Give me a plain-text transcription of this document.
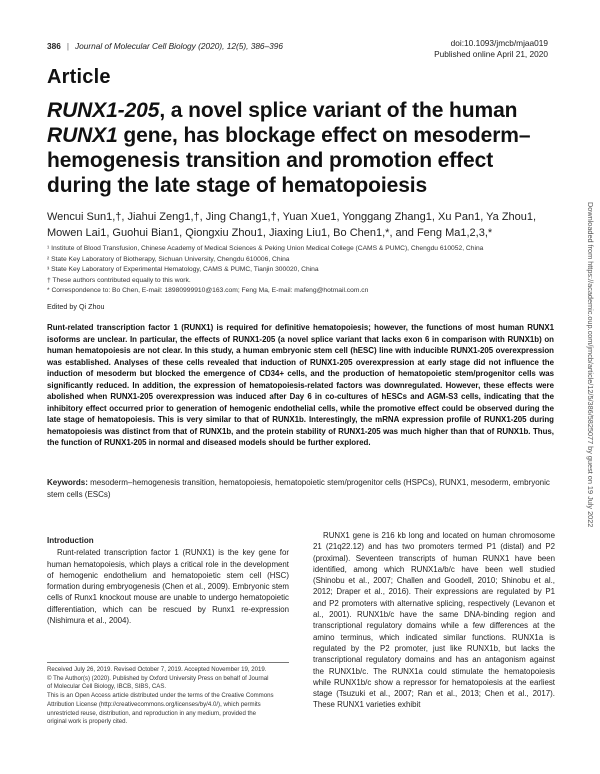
386 | Journal of Molecular Cell Biology (2020), 12(5), 386–396	doi:10.1093/jmcb/mjaa019
Published online April 21, 2020
Article
RUNX1-205, a novel splice variant of the human RUNX1 gene, has blockage effect on mesoderm–hemogenesis transition and promotion effect during the late stage of hematopoiesis
Wencui Sun1,†, Jiahui Zeng1,†, Jing Chang1,†, Yuan Xue1, Yonggang Zhang1, Xu Pan1, Ya Zhou1, Mowen Lai1, Guohui Bian1, Qiongxiu Zhou1, Jiaxing Liu1, Bo Chen1,*, and Feng Ma1,2,3,*
¹ Institute of Blood Transfusion, Chinese Academy of Medical Sciences & Peking Union Medical College (CAMS & PUMC), Chengdu 610052, China
² State Key Laboratory of Biotherapy, Sichuan University, Chengdu 610006, China
³ State Key Laboratory of Experimental Hematology, CAMS & PUMC, Tianjin 300020, China
† These authors contributed equally to this work.
* Correspondence to: Bo Chen, E-mail: 18980999910@163.com; Feng Ma, E-mail: mafeng@hotmail.com.cn
Edited by Qi Zhou
Runt-related transcription factor 1 (RUNX1) is required for definitive hematopoiesis; however, the functions of most human RUNX1 isoforms are unclear. In particular, the effects of RUNX1-205 (a novel splice variant that lacks exon 6 in comparison with RUNX1b) on human hematopoiesis are not clear. In this study, a human embryonic stem cell (hESC) line with inducible RUNX1-205 overexpression was established. Analyses of these cells revealed that induction of RUNX1-205 overexpression at early stage did not influence the induction of mesoderm but blocked the emergence of CD34+ cells, and the production of hematopoietic stem/progenitor cells was significantly reduced. In addition, the expression of hematopoiesis-related factors was downregulated. However, these effects were abolished when RUNX1-205 overexpression was induced after Day 6 in co-cultures of hESCs and AGM-S3 cells, indicating that the inhibitory effect occurred prior to generation of hemogenic endothelial cells, while the promotive effect could be observed during the late stage of hematopoiesis. This is very similar to that of RUNX1b. Interestingly, the mRNA expression profile of RUNX1-205 during hematopoiesis was distinct from that of RUNX1b, and the protein stability of RUNX1-205 was much higher than that of RUNX1b. Thus, the function of RUNX1-205 in normal and diseased models should be further explored.
Keywords: mesoderm–hemogenesis transition, hematopoiesis, hematopoietic stem/progenitor cells (HSPCs), RUNX1, mesoderm, embryonic stem cells (ESCs)
Introduction

Runt-related transcription factor 1 (RUNX1) is the key gene for human hematopoiesis, which plays a critical role in the development of hemogenic endothelium and hematopoietic stem cell (HSC) formation during embryogenesis (Chen et al., 2009). Embryonic stem cells of Runx1 knockout mouse are unable to undergo hematopoietic differentiation, which can be rescued by Runx1 re-expression (Nishimura et al., 2004).

RUNX1 gene is 216 kb long and located on human chromosome 21 (21q22.12) and has two promoters termed P1 (distal) and P2 (proximal). Seventeen transcripts of human RUNX1 have been identified, among which RUNX1a/b/c have been well studied (Shinobu et al., 2007; Challen and Goodell, 2010; Shinobu et al., 2012; Draper et al., 2016). Their expressions are regulated by P1 and P2 promoters with alternative splicing, respectively (Levanon et al., 2001). RUNX1b/c have the same DNA-binding region and transcriptional regulatory domains while a few differences at the amino terminus, which indicated similar functions. RUNX1a is regulated by the P2 promoter, just like RUNX1b, but lacks the transcriptional regulatory domains and has an antagonism against the RUNX1b/c. The RUNX1a could stimulate the hematopoiesis while RUNX1b/c show a repressor for hematopoiesis at the earliest stage (Tsuzuki et al., 2007; Ran et al., 2013; Chen et al., 2017). These RUNX1 varieties exhibit

Received July 26, 2019. Revised October 7, 2019. Accepted November 19, 2019.
© The Author(s) (2020). Published by Oxford University Press on behalf of Journal
of Molecular Cell Biology, IBCB, SIBS, CAS.
This is an Open Access article distributed under the terms of the Creative Commons
Attribution License (http://creativecommons.org/licenses/by/4.0/), which permits
unrestricted reuse, distribution, and reproduction in any medium, provided the
original work is properly cited.
Downloaded from https://academic.oup.com/jmcb/article/12/5/386/5825077 by guest on 19 July 2022
